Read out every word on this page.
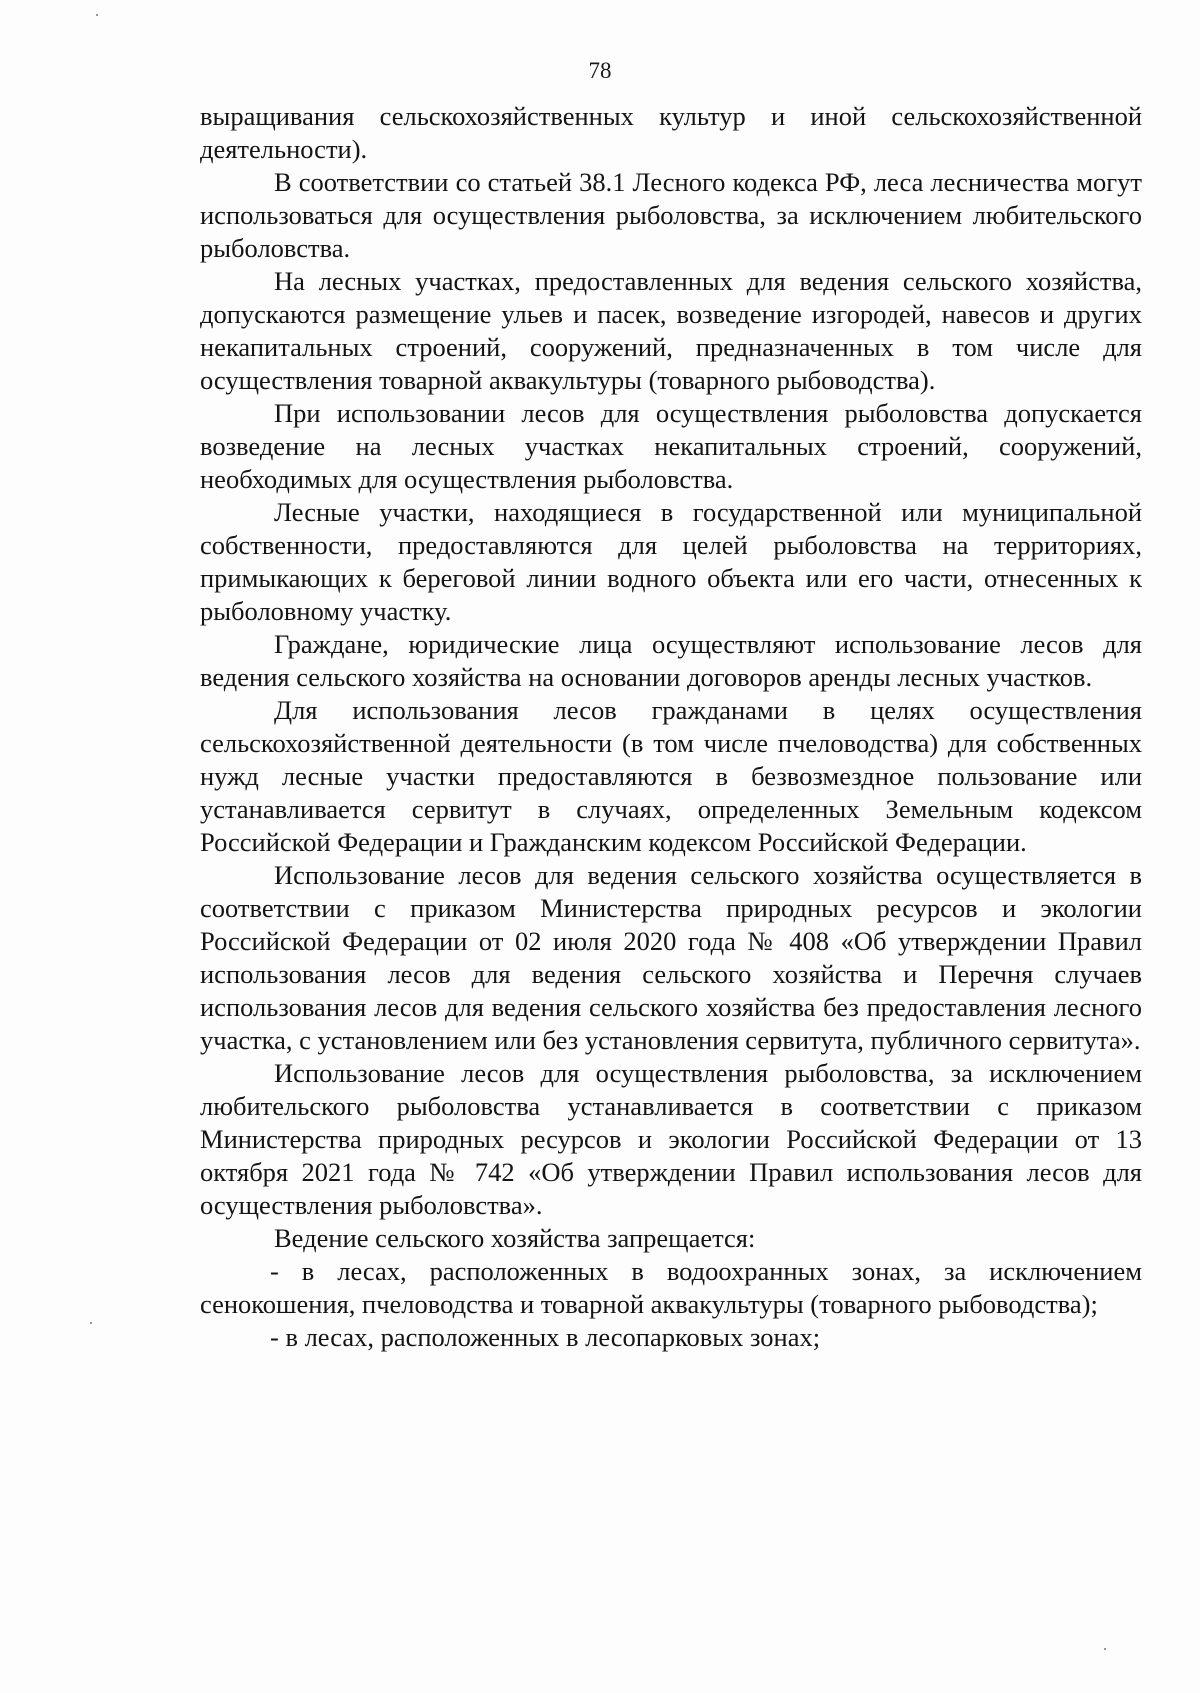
78

выращивания сельскохозяйственных культур и иной сельскохозяйственной деятельности).

В соответствии со статьей 38.1 Лесного кодекса РФ, леса лесничества могут использоваться для осуществления рыболовства, за исключением любительского рыболовства.

На лесных участках, предоставленных для ведения сельского хозяйства, допускаются размещение ульев и пасек, возведение изгородей, навесов и других некапитальных строений, сооружений, предназначенных в том числе для осуществления товарной аквакультуры (товарного рыбоводства).

При использовании лесов для осуществления рыболовства допускается возведение на лесных участках некапитальных строений, сооружений, необходимых для осуществления рыболовства.

Лесные участки, находящиеся в государственной или муниципальной собственности, предоставляются для целей рыболовства на территориях, примыкающих к береговой линии водного объекта или его части, отнесенных к рыболовному участку.

Граждане, юридические лица осуществляют использование лесов для ведения сельского хозяйства на основании договоров аренды лесных участков.

Для использования лесов гражданами в целях осуществления сельскохозяйственной деятельности (в том числе пчеловодства) для собственных нужд лесные участки предоставляются в безвозмездное пользование или устанавливается сервитут в случаях, определенных Земельным кодексом Российской Федерации и Гражданским кодексом Российской Федерации.

Использование лесов для ведения сельского хозяйства осуществляется в соответствии с приказом Министерства природных ресурсов и экологии Российской Федерации от 02 июля 2020 года № 408 «Об утверждении Правил использования лесов для ведения сельского хозяйства и Перечня случаев использования лесов для ведения сельского хозяйства без предоставления лесного участка, с установлением или без установления сервитута, публичного сервитута».

Использование лесов для осуществления рыболовства, за исключением любительского рыболовства устанавливается в соответствии с приказом Министерства природных ресурсов и экологии Российской Федерации от 13 октября 2021 года № 742 «Об утверждении Правил использования лесов для осуществления рыболовства».

Ведение сельского хозяйства запрещается:

- в лесах, расположенных в водоохранных зонах, за исключением сенокошения, пчеловодства и товарной аквакультуры (товарного рыбоводства);

- в лесах, расположенных в лесопарковых зонах;
